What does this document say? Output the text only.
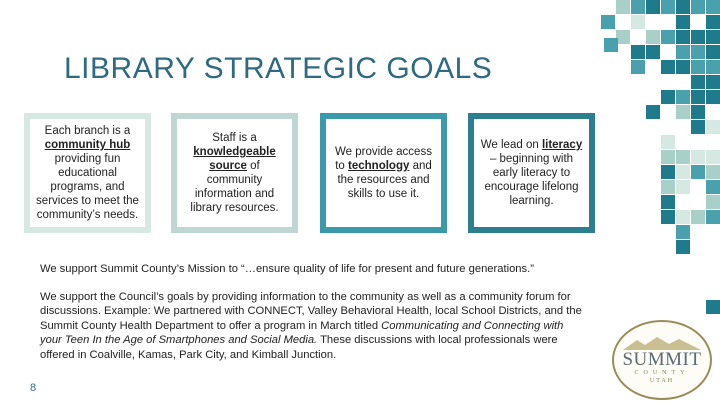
LIBRARY STRATEGIC GOALS
Each branch is a community hub providing fun educational programs, and services to meet the community’s needs.
Staff is a knowledgeable source of community information and library resources.
We provide access to technology and the resources and skills to use it.
We lead on literacy – beginning with early literacy to encourage lifelong learning.
We support Summit County’s Mission to “…ensure quality of life for present and future generations.”
We support the Council’s goals by providing information to the community as well as a community forum for discussions. Example: We partnered with CONNECT, Valley Behavioral Health, local School Districts, and the Summit County Health Department to offer a program in March titled Communicating and Connecting with your Teen In the Age of Smartphones and Social Media. These discussions with local professionals were offered in Coalville, Kamas, Park City, and Kimball Junction.
8
SUMMIT
COUNTY
UTAH
